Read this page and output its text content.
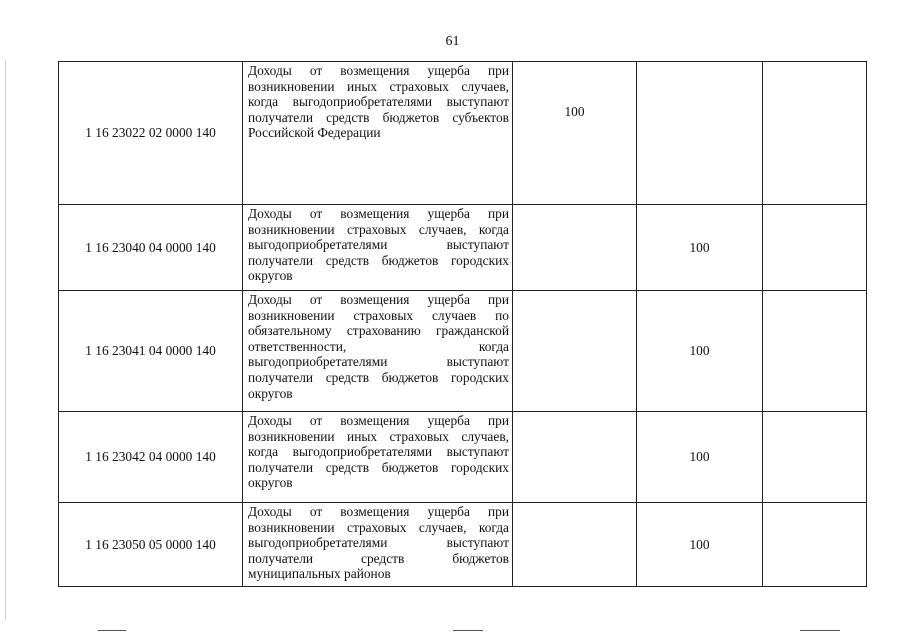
61
1 16 23022 02 0000 140	Доходы от возмещения ущерба при возникновении иных страховых случаев, когда выгодоприобретателями выступают получатели средств бюджетов субъектов Российской Федерации	100		
1 16 23040 04 0000 140	Доходы от возмещения ущерба при возникновении страховых случаев, когда выгодоприобретателями выступают получатели средств бюджетов городских округов		100	
1 16 23041 04 0000 140	Доходы от возмещения ущерба при возникновении страховых случаев по обязательному страхованию гражданской ответственности, когда выгодоприобретателями выступают получатели средств бюджетов городских округов		100	
1 16 23042 04 0000 140	Доходы от возмещения ущерба при возникновении иных страховых случаев, когда выгодоприобретателями выступают получатели средств бюджетов городских округов		100	
1 16 23050 05 0000 140	Доходы от возмещения ущерба при возникновении страховых случаев, когда выгодоприобретателями выступают получатели средств бюджетов муниципальных районов		100	
